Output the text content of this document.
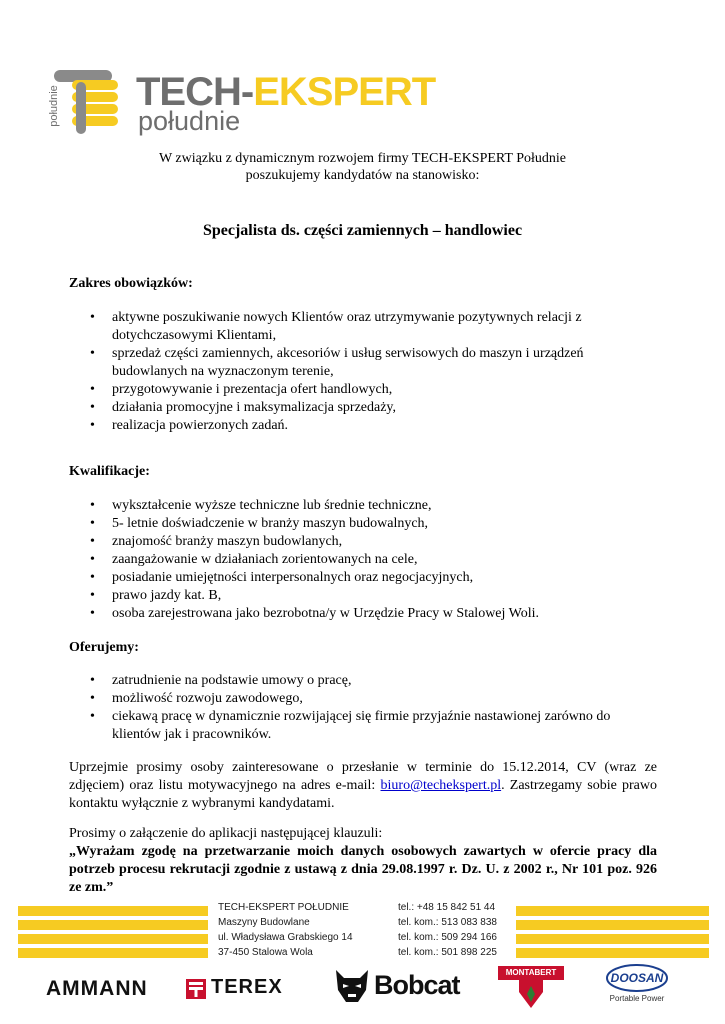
południe TECH-EKSPERT
południe
W związku z dynamicznym rozwojem firmy TECH-EKSPERT Południe
poszukujemy kandydatów na stanowisko:
Specjalista ds. części zamiennych – handlowiec
Zakres obowiązków:
• aktywne poszukiwanie nowych Klientów oraz utrzymywanie pozytywnych relacji z dotychczasowymi Klientami,
• sprzedaż części zamiennych, akcesoriów i usług serwisowych do maszyn i urządzeń budowlanych na wyznaczonym terenie,
• przygotowywanie i prezentacja ofert handlowych,
• działania promocyjne i maksymalizacja sprzedaży,
• realizacja powierzonych zadań.
Kwalifikacje:
• wykształcenie wyższe techniczne lub średnie techniczne,
• 5- letnie doświadczenie w branży maszyn budowalnych,
• znajomość branży maszyn budowlanych,
• zaangażowanie w działaniach zorientowanych na cele,
• posiadanie umiejętności interpersonalnych oraz negocjacyjnych,
• prawo jazdy kat. B,
• osoba zarejestrowana jako bezrobotna/y w Urzędzie Pracy w Stalowej Woli.
Oferujemy:
• zatrudnienie na podstawie umowy o pracę,
• możliwość rozwoju zawodowego,
• ciekawą pracę w dynamicznie rozwijającej się firmie przyjaźnie nastawionej zarówno do klientów jak i pracowników.
Uprzejmie prosimy osoby zainteresowane o przesłanie w terminie do 15.12.2014, CV (wraz ze zdjęciem) oraz listu motywacyjnego na adres e-mail: biuro@techekspert.pl. Zastrzegamy sobie prawo kontaktu wyłącznie z wybranymi kandydatami.
Prosimy o załączenie do aplikacji następującej klauzuli:
„Wyrażam zgodę na przetwarzanie moich danych osobowych zawartych w ofercie pracy dla potrzeb procesu rekrutacji zgodnie z ustawą z dnia 29.08.1997 r. Dz. U. z 2002 r., Nr 101 poz. 926 ze zm.”
TECH-EKSPERT POŁUDNIE
Maszyny Budowlane
ul. Władysława Grabskiego 14
37-450 Stalowa Wola
tel.: +48 15 842 51 44
tel. kom.: 513 083 838
tel. kom.: 509 294 166
tel. kom.: 501 898 225
AMMANN	TEREX	Bobcat	MONTABERT	DOOSAN
Portable Power
